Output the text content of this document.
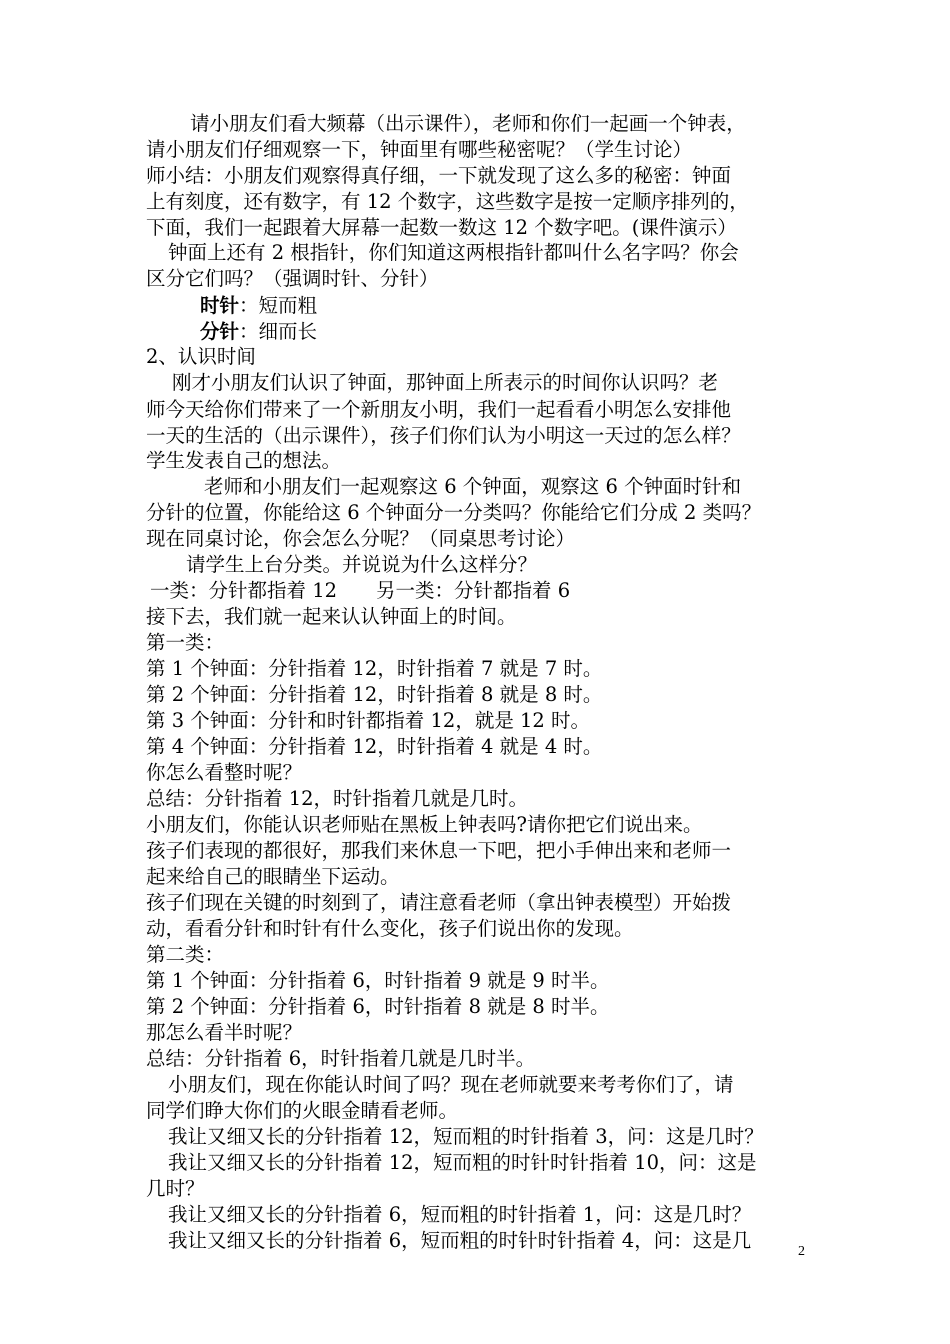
请小朋友们看大频幕（出示课件），老师和你们一起画一个钟表，
请小朋友们仔细观察一下，钟面里有哪些秘密呢？（学生讨论）
师小结：小朋友们观察得真仔细，一下就发现了这么多的秘密：钟面
上有刻度，还有数字，有 12 个数字，这些数字是按一定顺序排列的，
下面，我们一起跟着大屏幕一起数一数这 12 个数字吧。(课件演示）
钟面上还有 2 根指针，你们知道这两根指针都叫什么名字吗？你会
区分它们吗？（强调时针、分针）
时针：短而粗
分针：细而长
2、认识时间
刚才小朋友们认识了钟面，那钟面上所表示的时间你认识吗？老
师今天给你们带来了一个新朋友小明，我们一起看看小明怎么安排他
一天的生活的（出示课件），孩子们你们认为小明这一天过的怎么样？
学生发表自己的想法。
老师和小朋友们一起观察这 6 个钟面，观察这 6 个钟面时针和
分针的位置，你能给这 6 个钟面分一分类吗？你能给它们分成 2 类吗？
现在同桌讨论，你会怎么分呢？（同桌思考讨论）
请学生上台分类。并说说为什么这样分？
一类：分针都指着 12　　另一类：分针都指着 6
接下去，我们就一起来认认钟面上的时间。
第一类：
第 1 个钟面：分针指着 12，时针指着 7 就是 7 时。
第 2 个钟面：分针指着 12，时针指着 8 就是 8 时。
第 3 个钟面：分针和时针都指着 12，就是 12 时。
第 4 个钟面：分针指着 12，时针指着 4 就是 4 时。
你怎么看整时呢？
总结：分针指着 12，时针指着几就是几时。
小朋友们，你能认识老师贴在黑板上钟表吗?请你把它们说出来。
孩子们表现的都很好，那我们来休息一下吧，把小手伸出来和老师一
起来给自己的眼睛坐下运动。
孩子们现在关键的时刻到了，请注意看老师（拿出钟表模型）开始拨
动，看看分针和时针有什么变化，孩子们说出你的发现。
第二类：
第 1 个钟面：分针指着 6，时针指着 9 就是 9 时半。
第 2 个钟面：分针指着 6，时针指着 8 就是 8 时半。
那怎么看半时呢？
总结：分针指着 6，时针指着几就是几时半。
小朋友们，现在你能认时间了吗？现在老师就要来考考你们了，请
同学们睁大你们的火眼金睛看老师。
我让又细又长的分针指着 12，短而粗的时针指着 3，问：这是几时？
我让又细又长的分针指着 12，短而粗的时针时针指着 10，问：这是
几时？
我让又细又长的分针指着 6，短而粗的时针指着 1，问：这是几时？
我让又细又长的分针指着 6，短而粗的时针时针指着 4，问：这是几	2
